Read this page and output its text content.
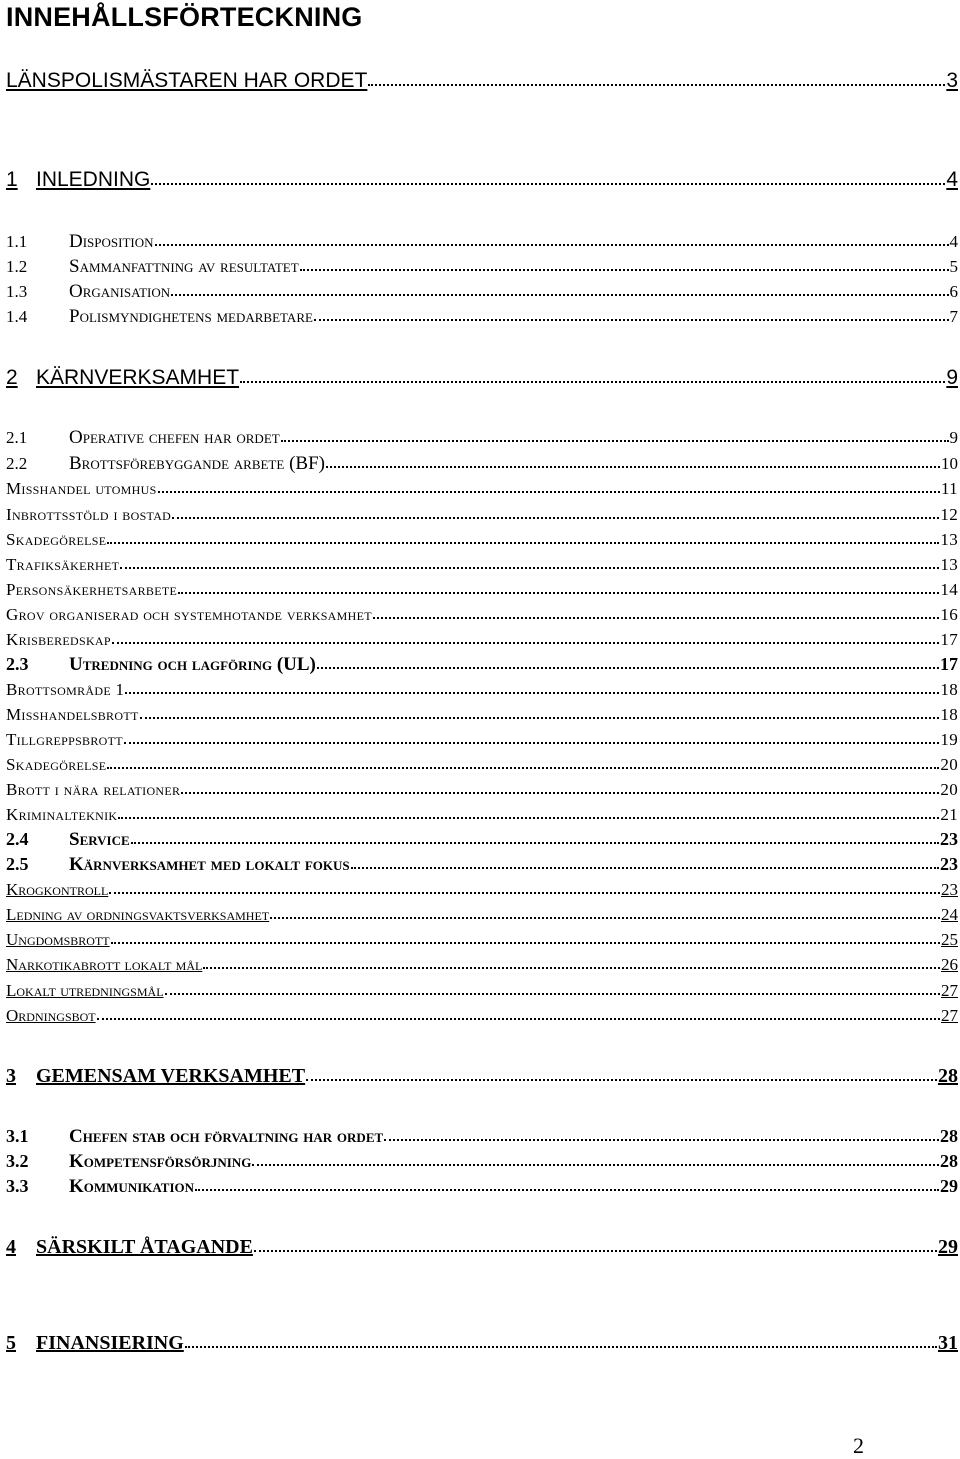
INNEHÅLLSFÖRTECKNING
LÄNSPOLISMÄSTAREN HAR ORDET	3
1 INLEDNING	4
1.1	Disposition	4
1.2	Sammanfattning av resultatet	5
1.3	Organisation	6
1.4	Polismyndighetens medarbetare	7
2 KÄRNVERKSAMHET	9
2.1	Operative chefen har ordet	9
2.2	Brottsförebyggande arbete (BF)	10
Misshandel utomhus	11
Inbrottsstöld i bostad	12
Skadegörelse	13
Trafiksäkerhet	13
Personsäkerhetsarbete	14
Grov organiserad och systemhotande verksamhet	16
Krisberedskap	17
2.3	Utredning och lagföring (UL)	17
Brottsområde 1	18
Misshandelsbrott	18
Tillgreppsbrott	19
Skadegörelse	20
Brott i nära relationer	20
Kriminalteknik	21
2.4	Service	23
2.5	Kärnverksamhet med lokalt fokus	23
Krogkontroll	23
Ledning av ordningsvaktsverksamhet	24
Ungdomsbrott	25
Narkotikabrott lokalt mål	26
Lokalt utredningsmål	27
Ordningsbot	27
3	GEMENSAM VERKSAMHET	28
3.1	Chefen stab och förvaltning har ordet	28
3.2	Kompetensförsörjning	28
3.3	Kommunikation	29
4	SÄRSKILT ÅTAGANDE	29
5	FINANSIERING	31
2
